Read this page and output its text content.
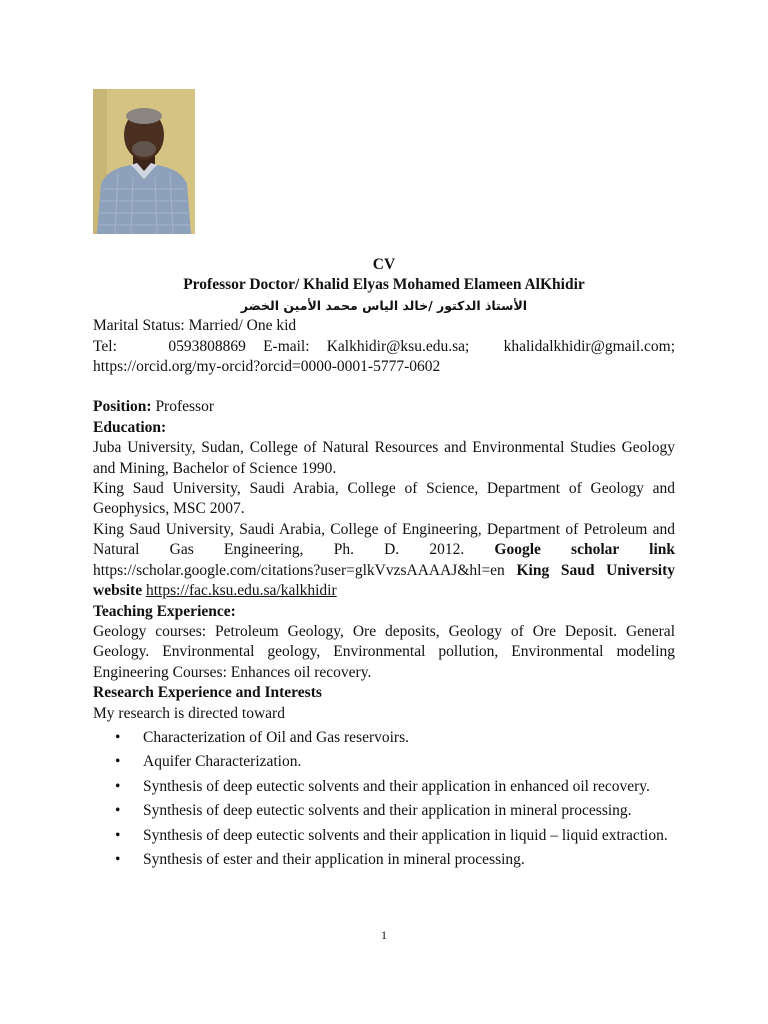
CV

Professor Doctor/ Khalid Elyas Mohamed Elameen AlKhidir

الأستاذ الدكتور /خالد الياس محمد الأمين الخضر

Marital Status: Married/ One kid

Tel:	0593808869 E-mail: Kalkhidir@ksu.edu.sa; khalidalkhidir@gmail.com; https://orcid.org/my-orcid?orcid=0000-0001-5777-0602

Position: Professor

Education:

Juba University, Sudan, College of Natural Resources and Environmental Studies Geology and Mining, Bachelor of Science 1990.

King Saud University, Saudi Arabia, College of Science, Department of Geology and Geophysics, MSC 2007.

King Saud University, Saudi Arabia, College of Engineering, Department of Petroleum and Natural Gas Engineering, Ph. D. 2012. Google scholar link https://scholar.google.com/citations?user=glkVvzsAAAAJ&hl=en King Saud University website https://fac.ksu.edu.sa/kalkhidir

Teaching Experience:

Geology courses: Petroleum Geology, Ore deposits, Geology of Ore Deposit. General Geology. Environmental geology, Environmental pollution, Environmental modeling Engineering Courses: Enhances oil recovery.

Research Experience and Interests

My research is directed toward

• Characterization of Oil and Gas reservoirs.
• Aquifer Characterization.
• Synthesis of deep eutectic solvents and their application in enhanced oil recovery.
• Synthesis of deep eutectic solvents and their application in mineral processing.
• Synthesis of deep eutectic solvents and their application in liquid – liquid extraction.
• Synthesis of ester and their application in mineral processing.
1
